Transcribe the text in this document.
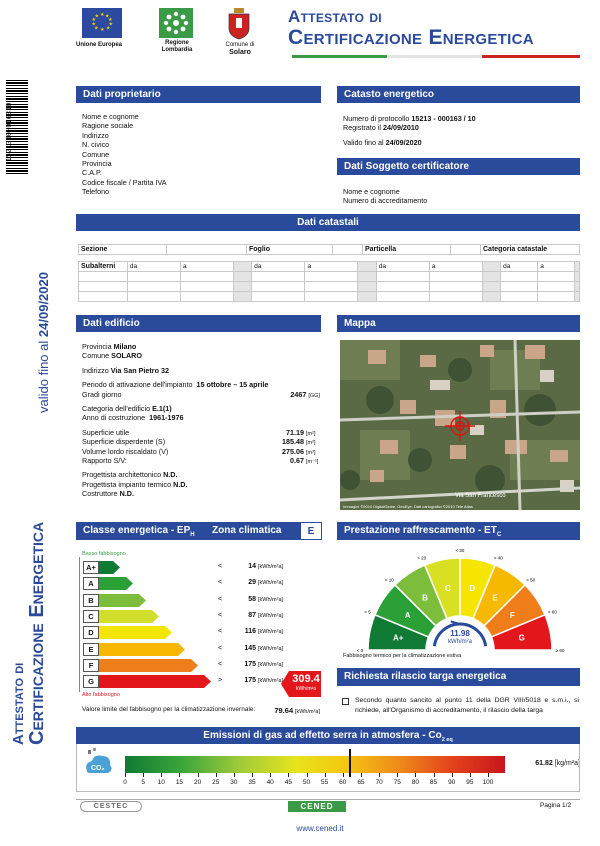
★ ★
★
★
★
★
★
★
★
★
Unione Europea	Regione
Lombardia
Comune di
Solaro
Attestato di
Certificazione Energetica
1521300-016310
valido fino al 24/09/2020
Attestato di Certificazione Energetica
Dati proprietario
Nome e cognome
Ragione sociale
Indirizzo
N. civico
Comune
Provincia
C.A.P.
Codice fiscale / Partita IVA
Telefono
Catasto energetico
Numero di protocollo 15213 - 000163 / 10
Registrato il 24/09/2010
Valido fino al 24/09/2020
Dati Soggetto certificatore
Nome e cognome
Numero di accreditamento
Dati catastali
Sezione		Foglio		Particella		Categoria catastale
Subalterni	da	a		da	a		da	a		da	a	

Dati edificio
Provincia Milano
Comune SOLARO
Indirizzo Via San Pietro 32
Periodo di attivazione dell'impianto 15 ottobre – 15 aprile
Gradi giorno	2467 [GG]
Categoria dell'edificio E.1(1)
Anno di costruzione 1961-1976
Superficie utile	71.19 [m²]
Superficie disperdente (S)	185.48 [m²]
Volume lordo riscaldato (V)	275.06 [m³]
Rapporto S/V:	0.67 [m⁻¹]
Progettista architettonico N.D.
Progettista impianto termico N.D.
Costruttore N.D.
Mappa
Via San Francesco
Immagini ©2010 DigitalGlobe, GeoEye, Dati cartografici ©2010 Tele Atlas
Classe energetica - $EP_H$ Zona climatica	E
Basso fabbisogno
Alto fabbisogno
A+	<	14 [kWh/m²a]
A	<	29 [kWh/m²a]
B	<	58 [kWh/m²a]
C	<	87 [kWh/m²a]
D	<	116 [kWh/m²a]
E	<	145 [kWh/m²a]
F	<	175 [kWh/m²a]
G	>	175 [kWh/m²a] 309.4
kWh/m²a
Valore limite del fabbisogno per la climatizzazione invernale:	79.64 [kWh/m²a]
Prestazione raffrescamento - $ET_C$
A+
< 0
A
< 5
B
< 10
C
< 20
D
< 30
E
< 40
F
< 50
G
< 60
≥ 60
11.98
kWh/m²a
Fabbisogno termico per la climatizzazione estiva
Richiesta rilascio targa energetica
Secondo quanto sancito al punto 11 della DGR VIII/5018 e s.m.i., si richiede, all'Organismo di accreditamento, il rilascio della targa
Emissioni di gas ad effetto serra in atmosfera - $Co_{2 eq}$
CO₂
0	5	10	15	20	25	30	35	40	45	50	55	60	65	70	75	80	85	90	95	100
61.82 [kg/m²a]
CESTEC	CENED	Pagina 1/2
www.cened.it
